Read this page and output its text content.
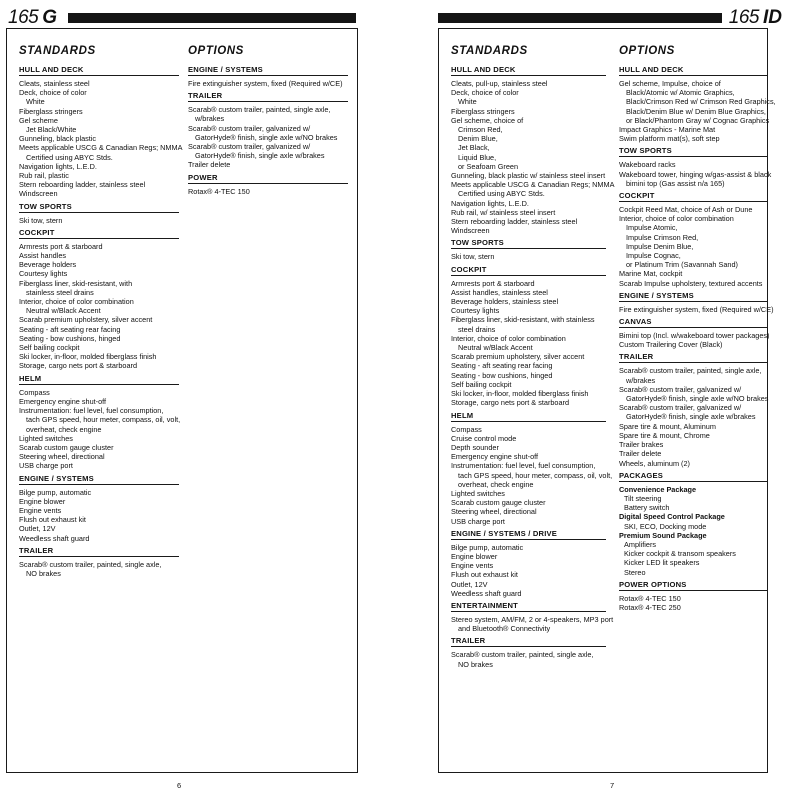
165 G
STANDARDS
HULL AND DECK
Cleats, stainless steel
Deck, choice of color
White
Fiberglass stringers
Gel scheme
Jet Black/White
Gunneling, black plastic
Meets applicable USCG & Canadian Regs; NMMA
Certified using ABYC Stds.
Navigation lights, L.E.D.
Rub rail, plastic
Stern reboarding ladder, stainless steel
Windscreen
TOW SPORTS
Ski tow, stern
COCKPIT
Armrests port & starboard
Assist handles
Beverage holders
Courtesy lights
Fiberglass liner, skid-resistant, with
stainless steel drains
Interior, choice of color combination
Neutral w/Black Accent
Scarab premium upholstery, silver accent
Seating - aft seating rear facing
Seating - bow cushions, hinged
Self bailing cockpit
Ski locker, in-floor, molded fiberglass finish
Storage, cargo nets port & starboard
HELM
Compass
Emergency engine shut-off
Instrumentation: fuel level, fuel consumption,
tach GPS speed, hour meter, compass, oil, volt,
overheat, check engine
Lighted switches
Scarab custom gauge cluster
Steering wheel, directional
USB charge port
ENGINE / SYSTEMS
Bilge pump, automatic
Engine blower
Engine vents
Flush out exhaust kit
Outlet, 12V
Weedless shaft guard
TRAILER
Scarab® custom trailer, painted, single axle,
NO brakes
OPTIONS
ENGINE / SYSTEMS
Fire extinguisher system, fixed (Required w/CE)
TRAILER
Scarab® custom trailer, painted, single axle,
w/brakes
Scarab® custom trailer, galvanized w/
GatorHyde® finish, single axle w/NO brakes
Scarab® custom trailer, galvanized w/
GatorHyde® finish, single axle w/brakes
Trailer delete
POWER
Rotax® 4-TEC 150
6
165 ID
STANDARDS
HULL AND DECK
Cleats, pull-up, stainless steel
Deck, choice of color
White
Fiberglass stringers
Gel scheme, choice of
Crimson Red,
Denim Blue,
Jet Black,
Liquid Blue,
or Seafoam Green
Gunneling, black plastic w/ stainless steel insert
Meets applicable USCG & Canadian Regs; NMMA
Certified using ABYC Stds.
Navigation lights, L.E.D.
Rub rail, w/ stainless steel insert
Stern reboarding ladder, stainless steel
Windscreen
TOW SPORTS
Ski tow, stern
COCKPIT
Armrests port & starboard
Assist handles, stainless steel
Beverage holders, stainless steel
Courtesy lights
Fiberglass liner, skid-resistant, with stainless
steel drains
Interior, choice of color combination
Neutral w/Black Accent
Scarab premium upholstery, silver accent
Seating - aft seating rear facing
Seating - bow cushions, hinged
Self bailing cockpit
Ski locker, in-floor, molded fiberglass finish
Storage, cargo nets port & starboard
HELM
Compass
Cruise control mode
Depth sounder
Emergency engine shut-off
Instrumentation: fuel level, fuel consumption,
tach GPS speed, hour meter, compass, oil, volt,
overheat, check engine
Lighted switches
Scarab custom gauge cluster
Steering wheel, directional
USB charge port
ENGINE / SYSTEMS / DRIVE
Bilge pump, automatic
Engine blower
Engine vents
Flush out exhaust kit
Outlet, 12V
Weedless shaft guard
ENTERTAINMENT
Stereo system, AM/FM, 2 or 4-speakers, MP3 port
and Bluetooth® Connectivity
TRAILER
Scarab® custom trailer, painted, single axle,
NO brakes
OPTIONS
HULL AND DECK
Gel scheme, Impulse, choice of
Black/Atomic w/ Atomic Graphics,
Black/Crimson Red w/ Crimson Red Graphics,
Black/Denim Blue w/ Denim Blue Graphics,
or Black/Phantom Gray w/ Cognac Graphics
Impact Graphics - Marine Mat
Swim platform mat(s), soft step
TOW SPORTS
Wakeboard racks
Wakeboard tower, hinging w/gas-assist & black
bimini top (Gas assist n/a 165)
COCKPIT
Cockpit Reed Mat, choice of Ash or Dune
Interior, choice of color combination
Impulse Atomic,
Impulse Crimson Red,
Impulse Denim Blue,
Impulse Cognac,
or Platinum Trim (Savannah Sand)
Marine Mat, cockpit
Scarab Impulse upholstery, textured accents
ENGINE / SYSTEMS
Fire extinguisher system, fixed (Required w/CE)
CANVAS
Bimini top (Incl. w/wakeboard tower packages)
Custom Trailering Cover (Black)
TRAILER
Scarab® custom trailer, painted, single axle,
w/brakes
Scarab® custom trailer, galvanized w/
GatorHyde® finish, single axle w/NO brakes
Scarab® custom trailer, galvanized w/
GatorHyde® finish, single axle w/brakes
Spare tire & mount, Aluminum
Spare tire & mount, Chrome
Trailer brakes
Trailer delete
Wheels, aluminum (2)
PACKAGES
Convenience Package
Tilt steering
Battery switch
Digital Speed Control Package
SKI, ECO, Docking mode
Premium Sound Package
Amplifiers
Kicker cockpit & transom speakers
Kicker LED lit speakers
Stereo
POWER OPTIONS
Rotax® 4-TEC 150
Rotax® 4-TEC 250
7
